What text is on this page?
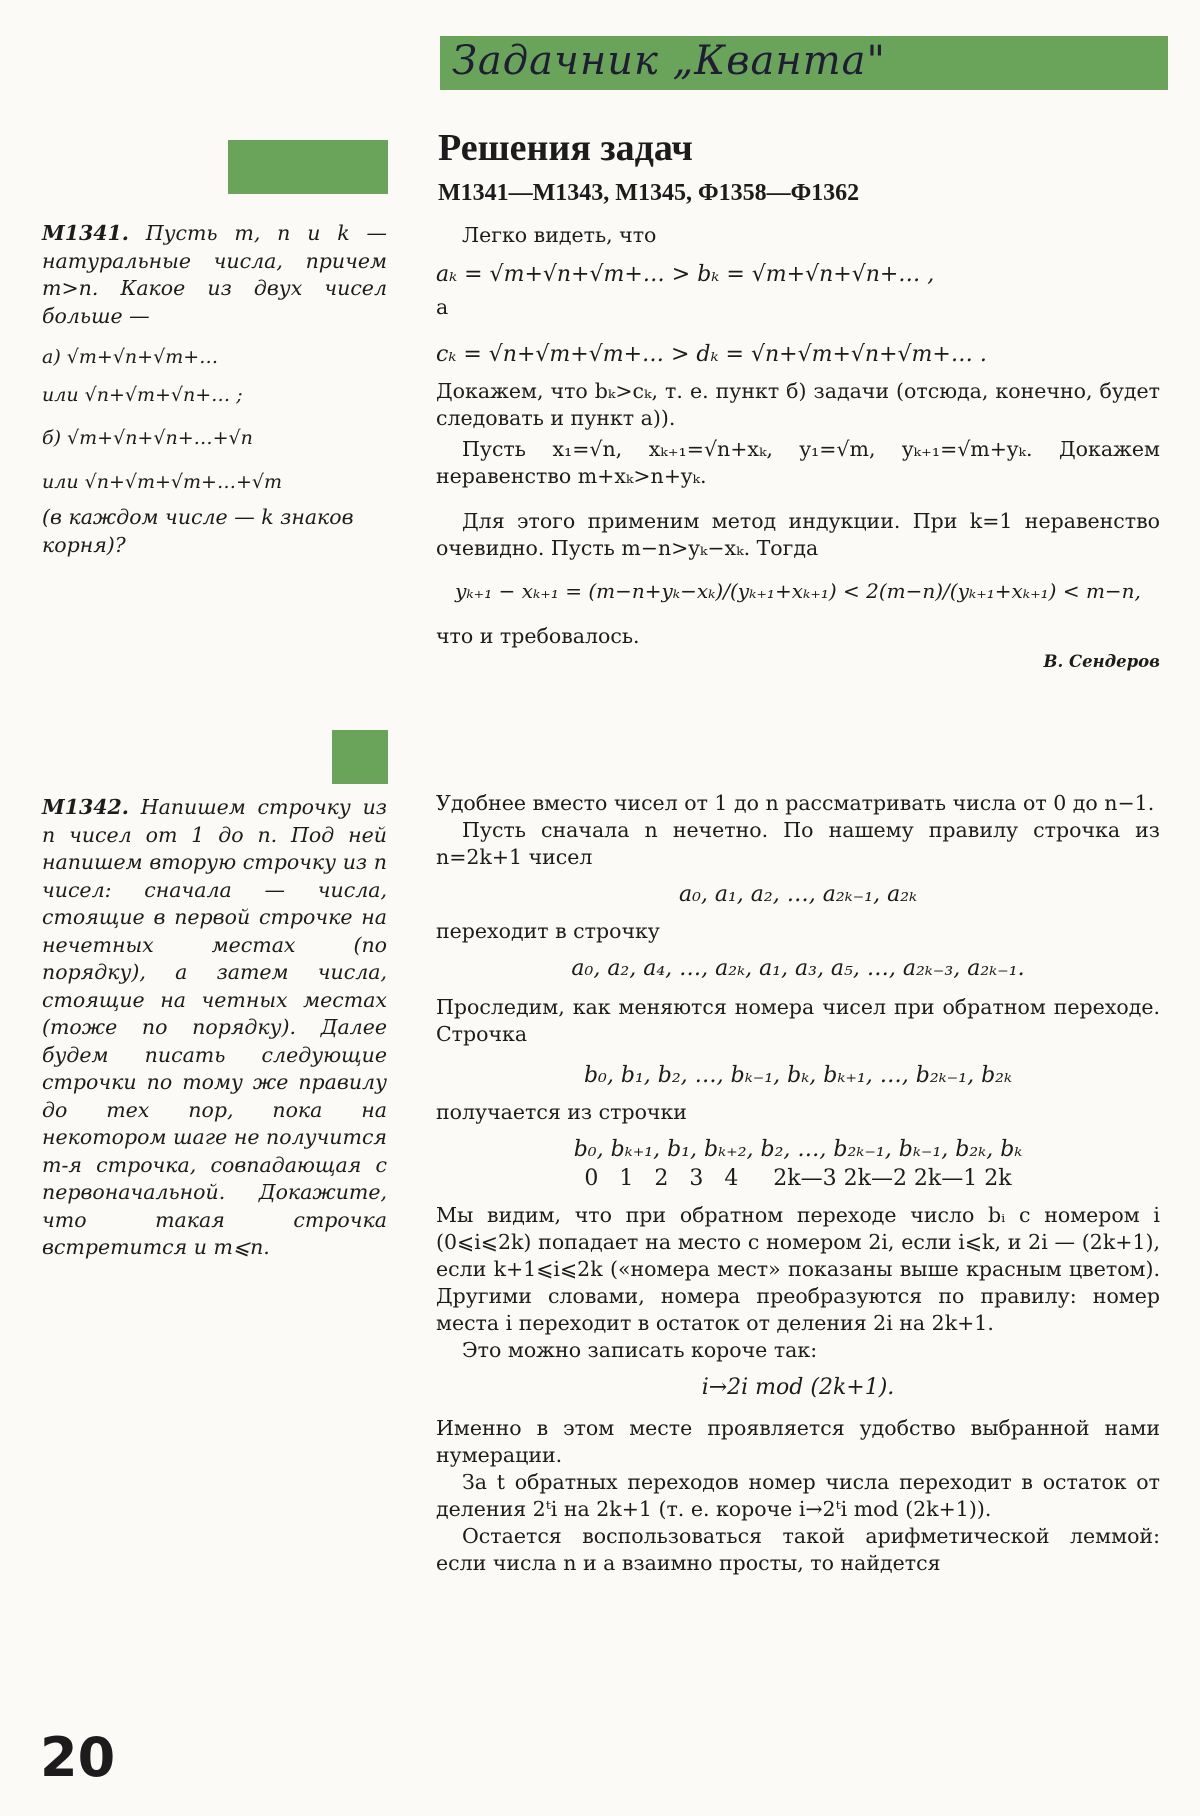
Задачник „Кванта"
Решения задач
М1341—М1343, М1345, Ф1358—Ф1362
М1341. Пусть m, n и k — натуральные числа, причем m>n. Какое из двух чисел больше —
а) √m+√n+√m+…
или √n+√m+√n+… ;
б) √m+√n+√n+…+√n
или √n+√m+√m+…+√m
(в каждом числе — k знаков корня)?

Легко видеть, что

aₖ = √m+√n+√m+… > bₖ = √m+√n+√n+… ,

а

cₖ = √n+√m+√m+… > dₖ = √n+√m+√n+√m+… .

Докажем, что bₖ>cₖ, т. е. пункт б) задачи (отсюда, конечно, будет следовать и пункт а)).

Пусть x₁=√n, xₖ₊₁=√n+xₖ, y₁=√m, yₖ₊₁=√m+yₖ. Докажем неравенство m+xₖ>n+yₖ.

Для этого применим метод индукции. При k=1 неравенство очевидно. Пусть m−n>yₖ−xₖ. Тогда

yₖ₊₁ − xₖ₊₁ = (m−n+yₖ−xₖ)/(yₖ₊₁+xₖ₊₁) < 2(m−n)/(yₖ₊₁+xₖ₊₁) < m−n,

что и требовалось.

В. Сендеров
М1342. Напишем строчку из n чисел от 1 до n. Под ней напишем вторую строчку из n чисел: сначала — числа, стоящие в первой строчке на нечетных местах (по порядку), а затем числа, стоящие на четных местах (тоже по порядку). Далее будем писать следующие строчки по тому же правилу до тех пор, пока на некотором шаге не получится m-я строчка, совпадающая с первоначальной. Докажите, что такая строчка встретится и m⩽n.

Удобнее вместо чисел от 1 до n рассматривать числа от 0 до n−1.

Пусть сначала n нечетно. По нашему правилу строчка из n=2k+1 чисел

a₀, a₁, a₂, …, a₂ₖ₋₁, a₂ₖ

переходит в строчку

a₀, a₂, a₄, …, a₂ₖ, a₁, a₃, a₅, …, a₂ₖ₋₃, a₂ₖ₋₁.

Проследим, как меняются номера чисел при обратном переходе. Строчка

b₀, b₁, b₂, …, bₖ₋₁, bₖ, bₖ₊₁, …, b₂ₖ₋₁, b₂ₖ

получается из строчки

b₀, bₖ₊₁, b₁, bₖ₊₂, b₂, …, b₂ₖ₋₁, bₖ₋₁, b₂ₖ, bₖ
0   1   2   3   4     2k—3 2k—2 2k—1 2k

Мы видим, что при обратном переходе число bᵢ с номером i (0⩽i⩽2k) попадает на место с номером 2i, если i⩽k, и 2i — (2k+1), если k+1⩽i⩽2k («номера мест» показаны выше красным цветом). Другими словами, номера преобразуются по правилу: номер места i переходит в остаток от деления 2i на 2k+1.

Это можно записать короче так:

i→2i mod (2k+1).

Именно в этом месте проявляется удобство выбранной нами нумерации.

За t обратных переходов номер числа переходит в остаток от деления 2ᵗi на 2k+1 (т. е. короче i→2ᵗi mod (2k+1)).

Остается воспользоваться такой арифметической леммой: если числа n и a взаимно просты, то найдется

20
